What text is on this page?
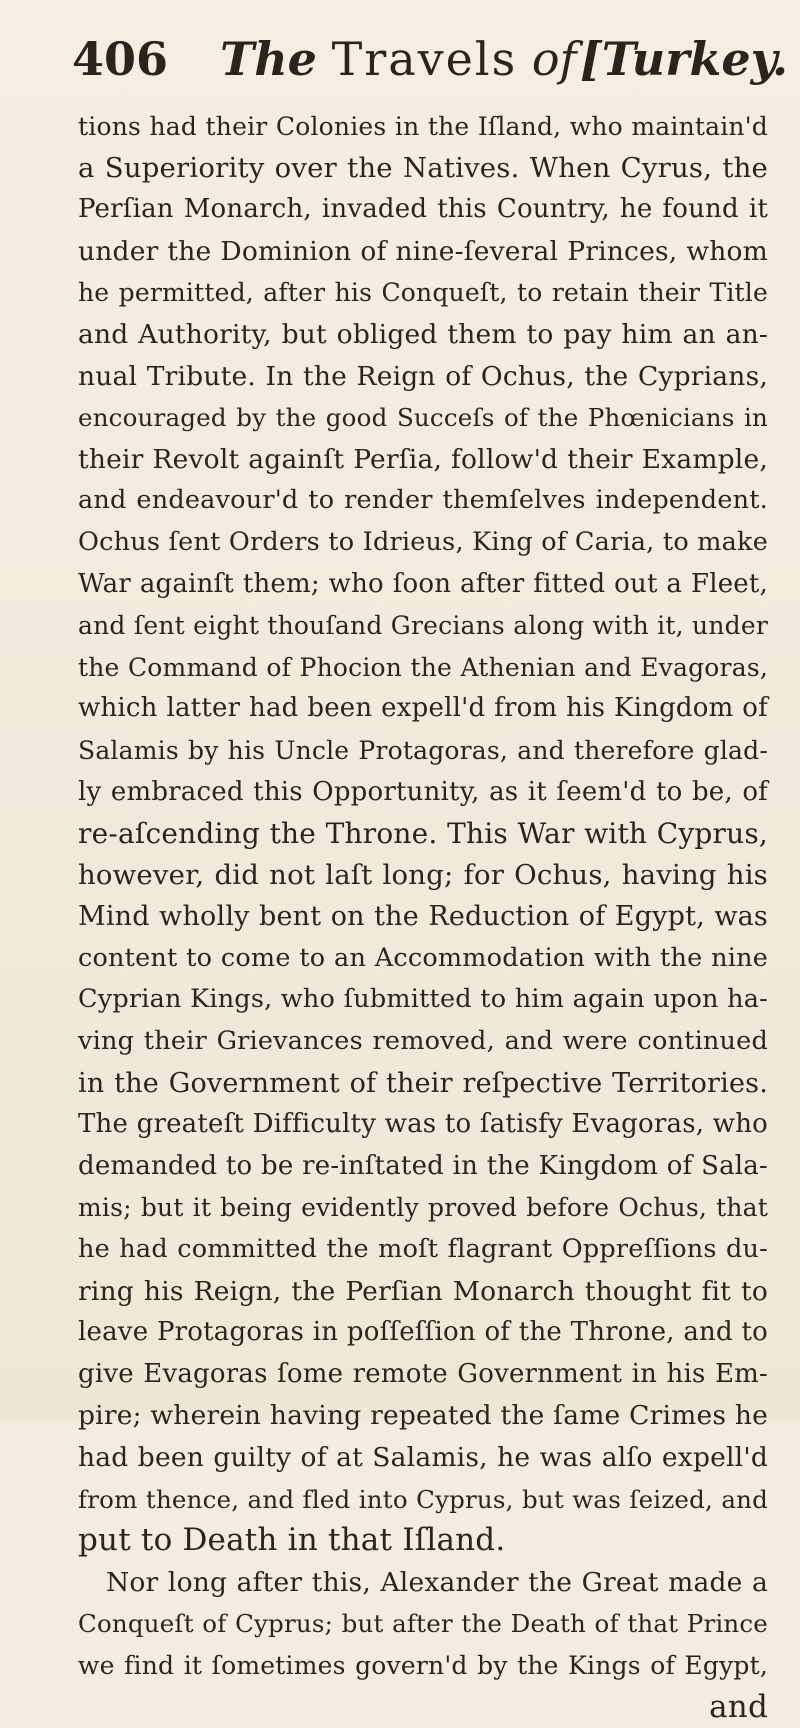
406 The Travels of [Turkey.
tions had their Colonies in the Iſland, who maintain'd
a Superiority over the Natives. When Cyrus, the
Perſian Monarch, invaded this Country, he found it
under the Dominion of nine-ſeveral Princes, whom
he permitted, after his Conqueſt, to retain their Title
and Authority, but obliged them to pay him an an-
nual Tribute. In the Reign of Ochus, the Cyprians,
encouraged by the good Succeſs of the Phœnicians in
their Revolt againſt Perſia, follow'd their Example,
and endeavour'd to render themſelves independent.
Ochus ſent Orders to Idrieus, King of Caria, to make
War againſt them; who ſoon after fitted out a Fleet,
and ſent eight thouſand Grecians along with it, under
the Command of Phocion the Athenian and Evagoras,
which latter had been expell'd from his Kingdom of
Salamis by his Uncle Protagoras, and therefore glad-
ly embraced this Opportunity, as it ſeem'd to be, of
re-aſcending the Throne. This War with Cyprus,
however, did not laſt long; for Ochus, having his
Mind wholly bent on the Reduction of Egypt, was
content to come to an Accommodation with the nine
Cyprian Kings, who ſubmitted to him again upon ha-
ving their Grievances removed, and were continued
in the Government of their reſpective Territories.
The greateſt Difficulty was to ſatisfy Evagoras, who
demanded to be re-inſtated in the Kingdom of Sala-
mis; but it being evidently proved before Ochus, that
he had committed the moſt flagrant Oppreſſions du-
ring his Reign, the Perſian Monarch thought fit to
leave Protagoras in poſſeſſion of the Throne, and to
give Evagoras ſome remote Government in his Em-
pire; wherein having repeated the ſame Crimes he
had been guilty of at Salamis, he was alſo expell'd
from thence, and fled into Cyprus, but was ſeized, and
put to Death in that Iſland.
Nor long after this, Alexander the Great made a
Conqueſt of Cyprus; but after the Death of that Prince
we find it ſometimes govern'd by the Kings of Egypt,
and
